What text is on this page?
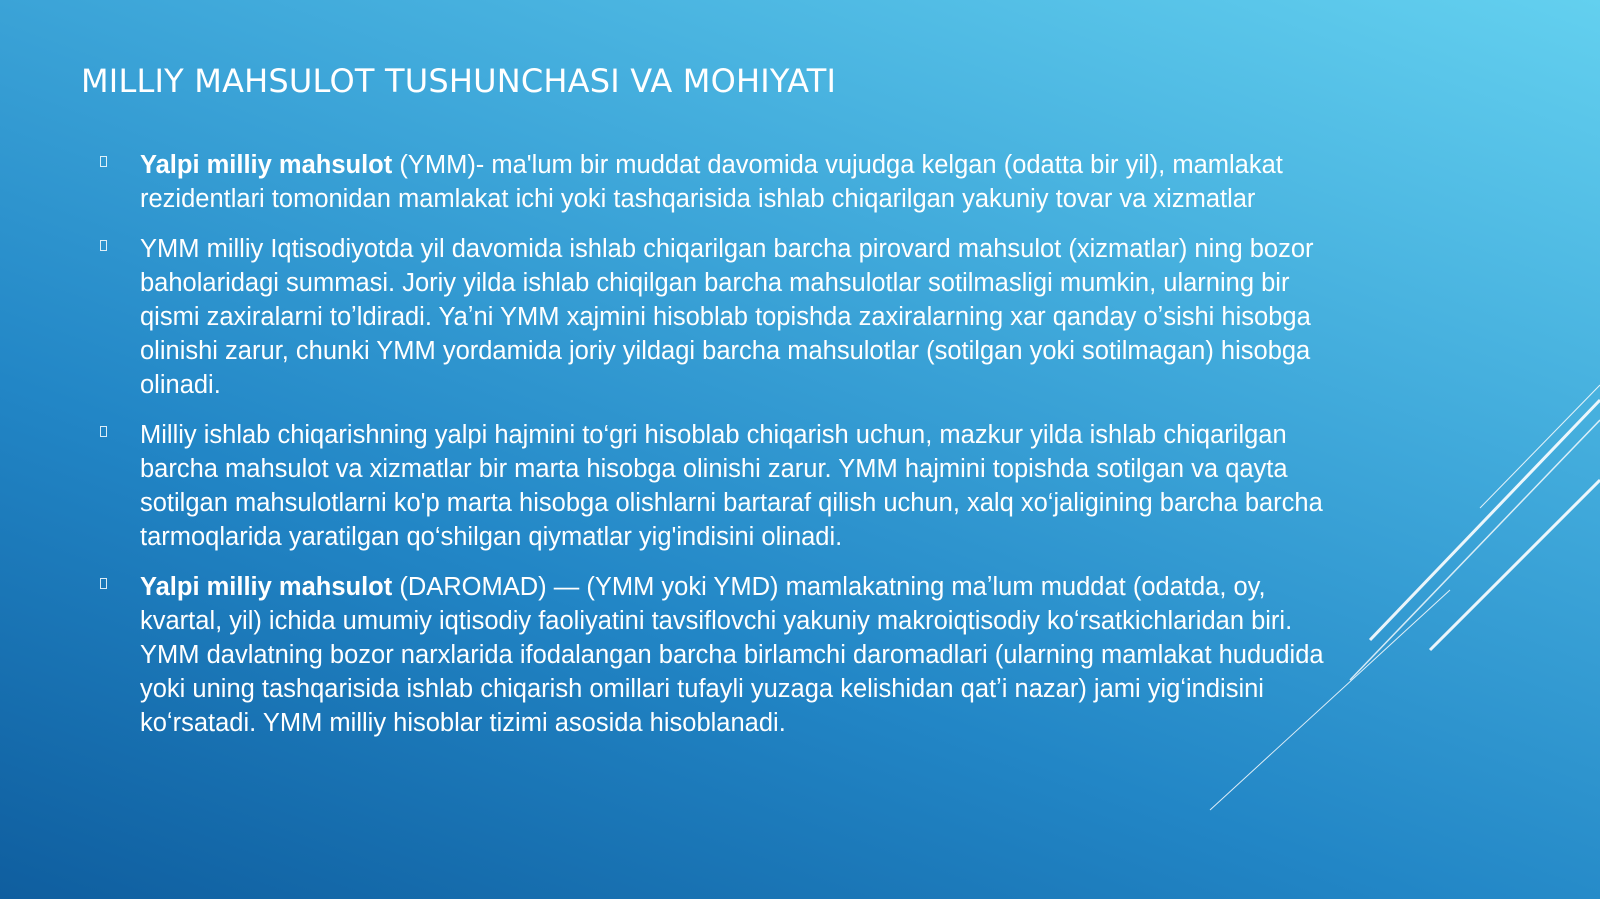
MILLIY MAHSULOT TUSHUNCHASI VA MOHIYATI
Yalpi milliy mahsulot (YMM)- ma'lum bir muddat davomida vujudga kelgan (odatta bir yil), mamlakat rezidentlari tomonidan mamlakat ichi yoki tashqarisida ishlab chiqarilgan yakuniy tovar va xizmatlar
YMM milliy Iqtisodiyotda yil davomida ishlab chiqarilgan barcha pirovard mahsulot (xizmatlar) ning bozor baholaridagi summasi. Joriy yilda ishlab chiqilgan barcha mahsulotlar sotilmasligi mumkin, ularning bir qismi zaxiralarni toʼldiradi. Yaʼni YMM xajmini hisoblab topishda zaxiralarning xar qanday oʼsishi hisobga olinishi zarur, chunki YMM yordamida joriy yildagi barcha mahsulotlar (sotilgan yoki sotilmagan) hisobga olinadi.
Milliy ishlab chiqarishning yalpi hajmini to‘gri hisoblab chiqarish uchun, mazkur yilda ishlab chiqarilgan barcha mahsulot va xizmatlar bir marta hisobga olinishi zarur. YMM hajmini topishda sotilgan va qayta sotilgan mahsulotlarni ko'p marta hisobga olishlarni bartaraf qilish uchun, xalq xo‘jaligining barcha barcha tarmoqlarida yaratilgan qo‘shilgan qiymatlar yig'indisini olinadi.
Yalpi milliy mahsulot (DAROMAD) — (YMM yoki YMD) mamlakatning maʼlum muddat (odatda, oy, kvartal, yil) ichida umumiy iqtisodiy faoliyatini tavsiflovchi yakuniy makroiqtisodiy koʻrsatkichlaridan biri. YMM davlatning bozor narxlarida ifodalangan barcha birlamchi daromadlari (ularning mamlakat hududida yoki uning tashqarisida ishlab chiqarish omillari tufayli yuzaga kelishidan qatʼi nazar) jami yigʻindisini koʻrsatadi. YMM milliy hisoblar tizimi asosida hisoblanadi.
